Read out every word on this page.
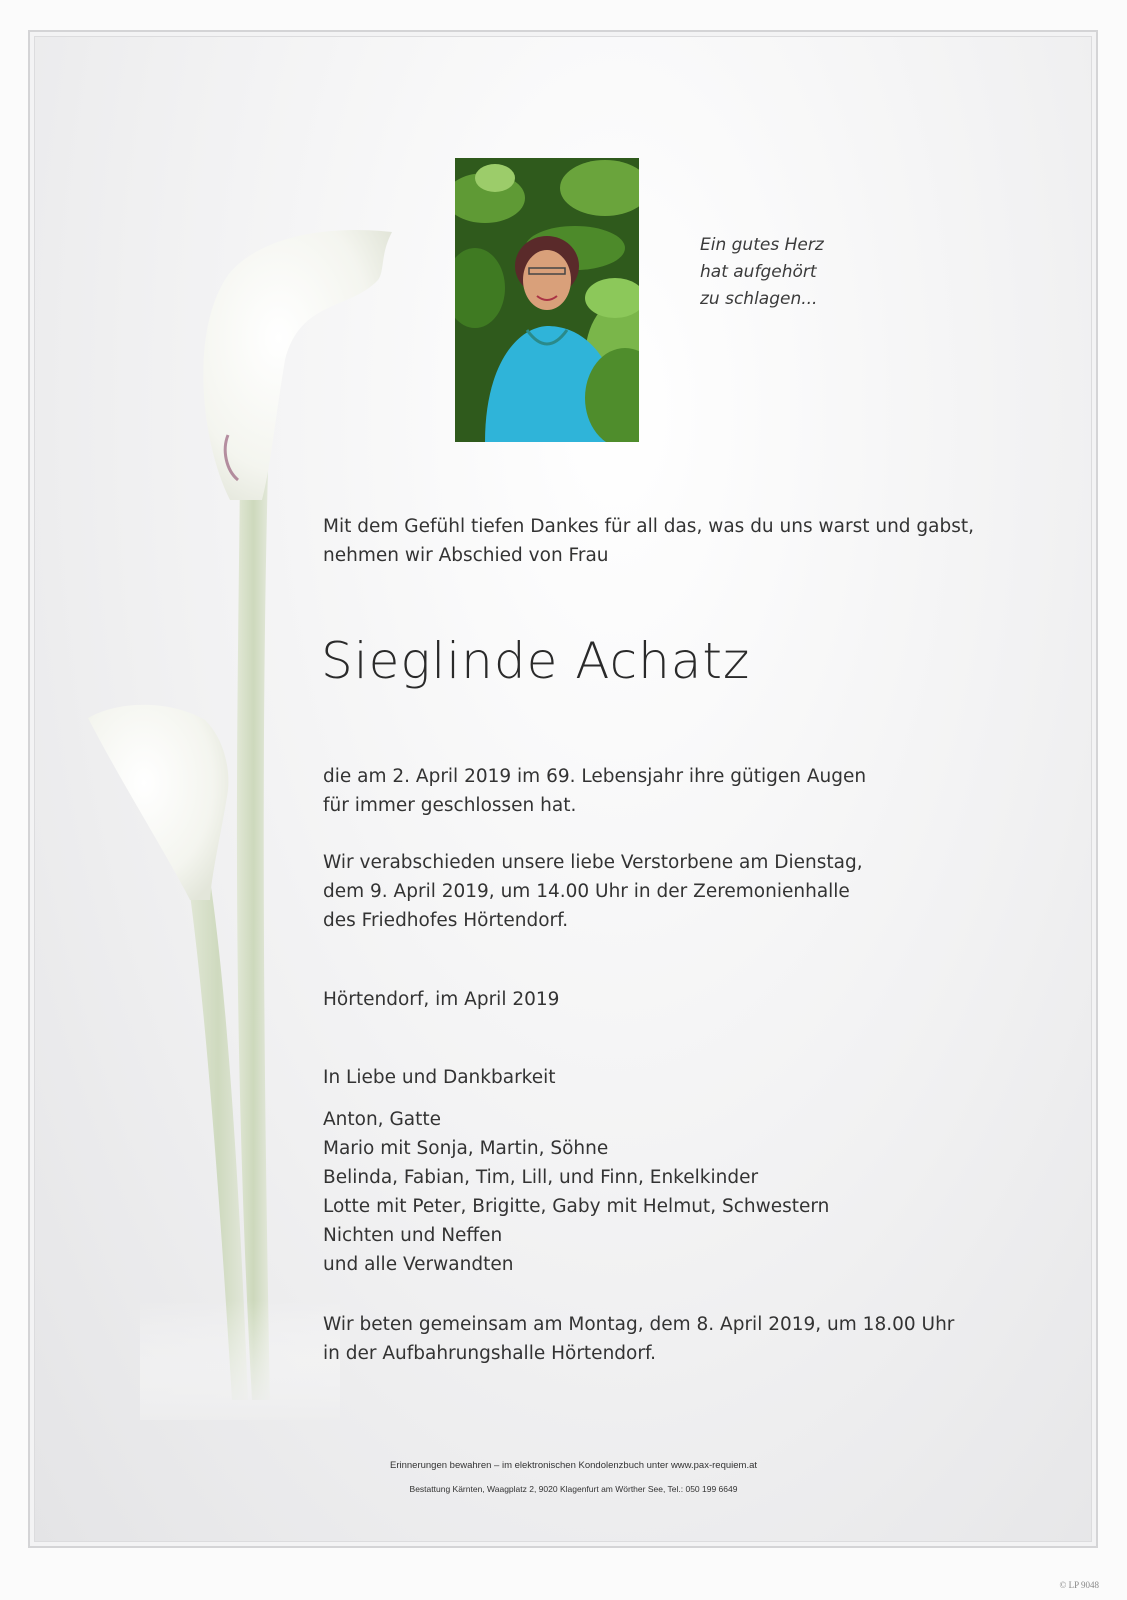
Ein gutes Herz
hat aufgehört
zu schlagen...
Mit dem Gefühl tiefen Dankes für all das, was du uns warst und gabst,
nehmen wir Abschied von Frau
Sieglinde Achatz
die am 2. April 2019 im 69. Lebensjahr ihre gütigen Augen
für immer geschlossen hat.
Wir verabschieden unsere liebe Verstorbene am Dienstag,
dem 9. April 2019, um 14.00 Uhr in der Zeremonienhalle
des Friedhofes Hörtendorf.
Hörtendorf, im April 2019
In Liebe und Dankbarkeit
Anton, Gatte
Mario mit Sonja, Martin, Söhne
Belinda, Fabian, Tim, Lill, und Finn, Enkelkinder
Lotte mit Peter, Brigitte, Gaby mit Helmut, Schwestern
Nichten und Neffen
und alle Verwandten
Wir beten gemeinsam am Montag, dem 8. April 2019, um 18.00 Uhr
in der Aufbahrungshalle Hörtendorf.
Erinnerungen bewahren – im elektronischen Kondolenzbuch unter www.pax-requiem.at
Bestattung Kärnten, Waagplatz 2, 9020 Klagenfurt am Wörther See, Tel.: 050 199 6649
© LP 9048
